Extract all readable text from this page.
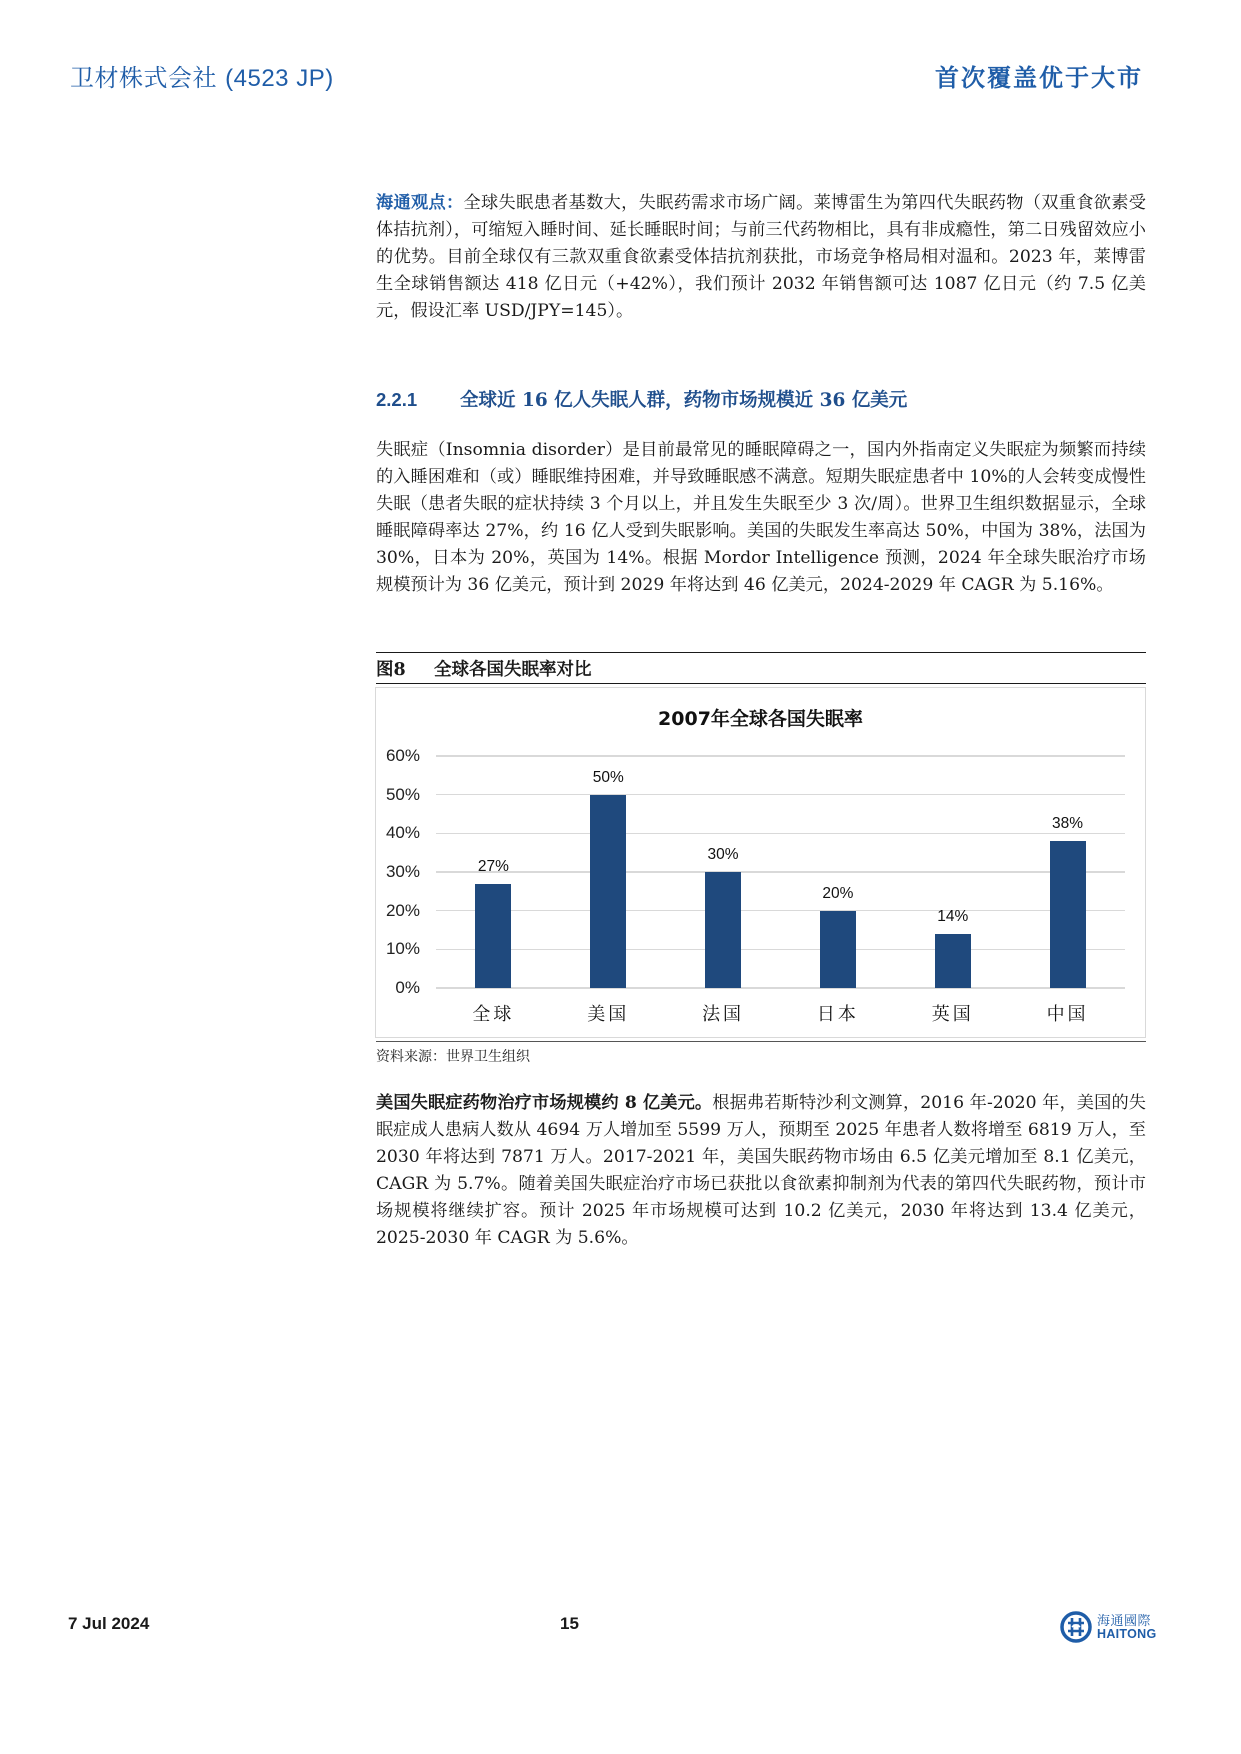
卫材株式会社 (4523 JP)	首次覆盖优于大市

海通观点：全球失眠患者基数大，失眠药需求市场广阔。莱博雷生为第四代失眠药物（双重食欲素受体拮抗剂），可缩短入睡时间、延长睡眠时间；与前三代药物相比，具有非成瘾性，第二日残留效应小的优势。目前全球仅有三款双重食欲素受体拮抗剂获批，市场竞争格局相对温和。2023 年，莱博雷生全球销售额达 418 亿日元（+42%），我们预计 2032 年销售额可达 1087 亿日元（约 7.5 亿美元，假设汇率 USD/JPY=145）。

2.2.1 全球近 16 亿人失眠人群，药物市场规模近 36 亿美元

失眠症（Insomnia disorder）是目前最常见的睡眠障碍之一，国内外指南定义失眠症为频繁而持续的入睡困难和（或）睡眠维持困难，并导致睡眠感不满意。短期失眠症患者中 10%的人会转变成慢性失眠（患者失眠的症状持续 3 个月以上，并且发生失眠至少 3 次/周）。世界卫生组织数据显示，全球睡眠障碍率达 27%，约 16 亿人受到失眠影响。美国的失眠发生率高达 50%，中国为 38%，法国为 30%，日本为 20%，英国为 14%。根据 Mordor Intelligence 预测，2024 年全球失眠治疗市场规模预计为 36 亿美元，预计到 2029 年将达到 46 亿美元，2024-2029 年 CAGR 为 5.16%。

图8 全球各国失眠率对比
2007年全球各国失眠率
0%
10%
20%
30%
40%
50%
60%
27%
全球
50%
美国
30%
法国
20%
日本
14%
英国
38%
中国
资料来源：世界卫生组织

美国失眠症药物治疗市场规模约 8 亿美元。根据弗若斯特沙利文测算，2016 年-2020 年，美国的失眠症成人患病人数从 4694 万人增加至 5599 万人，预期至 2025 年患者人数将增至 6819 万人，至 2030 年将达到 7871 万人。2017-2021 年，美国失眠药物市场由 6.5 亿美元增加至 8.1 亿美元，CAGR 为 5.7%。随着美国失眠症治疗市场已获批以食欲素抑制剂为代表的第四代失眠药物，预计市场规模将继续扩容。预计 2025 年市场规模可达到 10.2 亿美元，2030 年将达到 13.4 亿美元，2025-2030 年 CAGR 为 5.6%。

7 Jul 2024	15	海通國際
HAITONG
